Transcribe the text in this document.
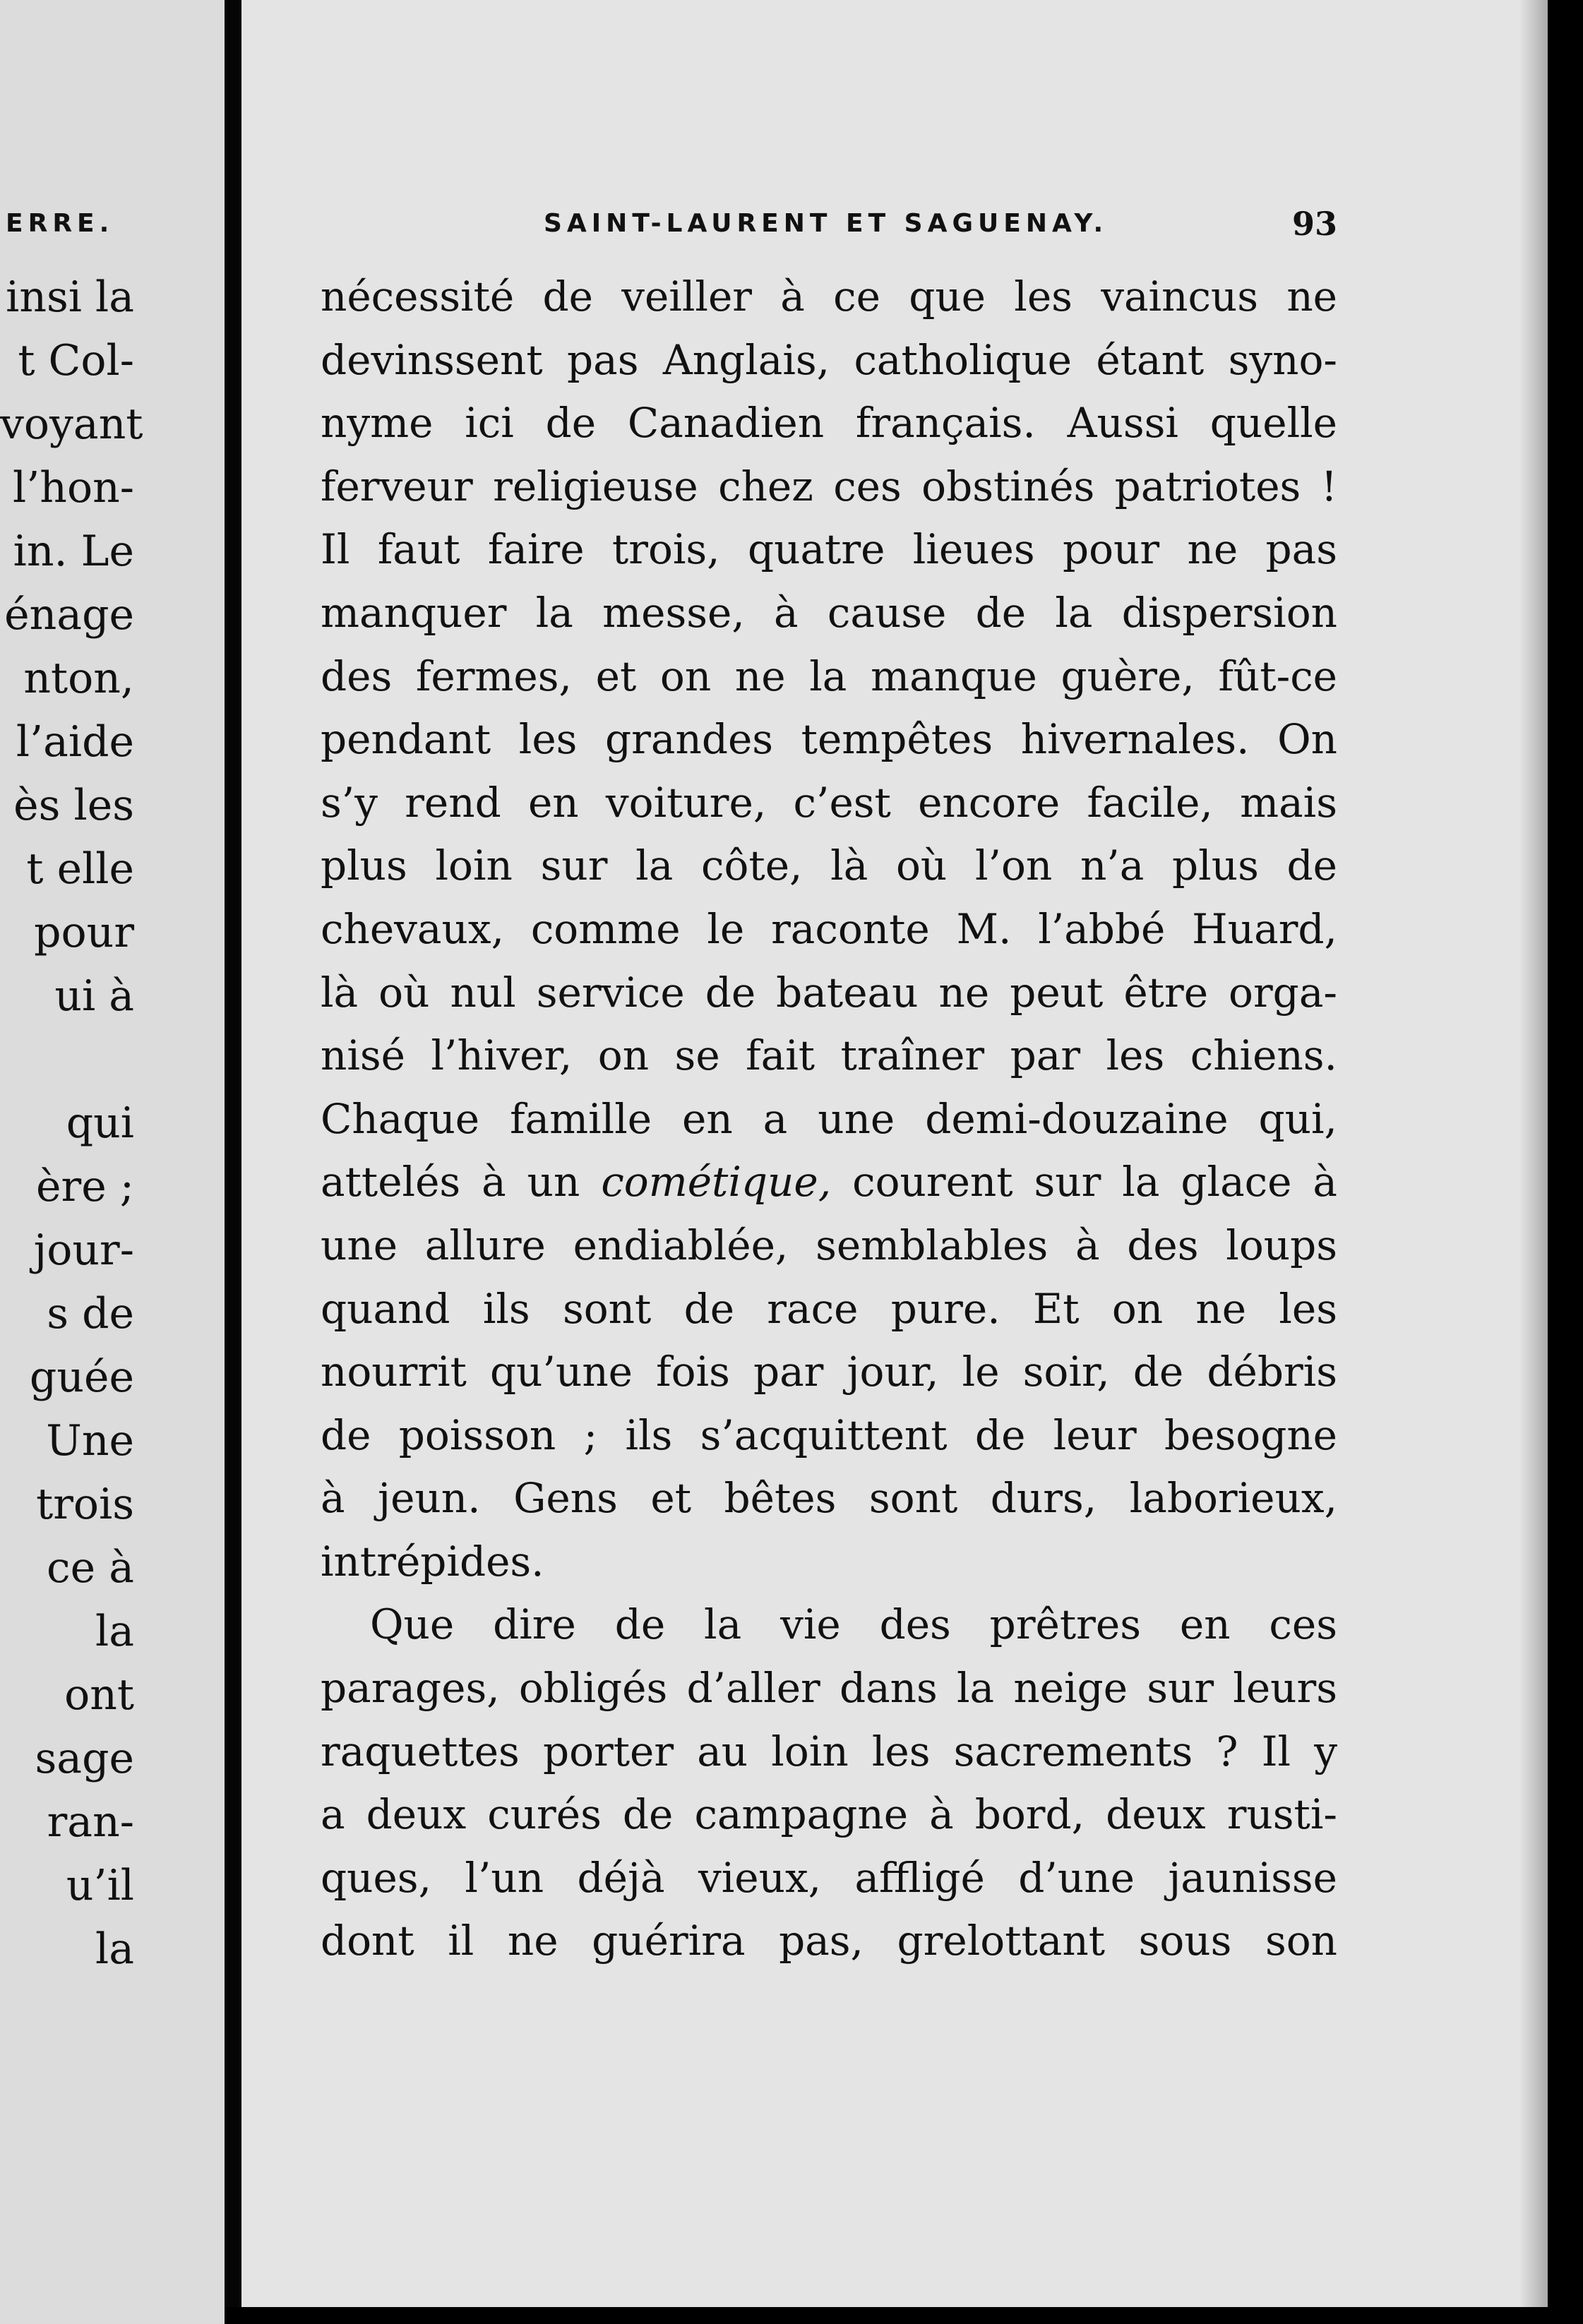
ERRE.
insi la
t Col-
voyant
l’hon-
in. Le
énage
nton,
l’aide
ès les
t elle
pour
ui à
qui
ère ;
jour-
s de
guée
Une
trois
ce à
la
ont
sage
ran-
u’il
la
SAINT-LAURENT ET SAGUENAY.	93
nécessité de veiller à ce que les vaincus ne
devinssent pas Anglais, catholique étant syno-
nyme ici de Canadien français. Aussi quelle
ferveur religieuse chez ces obstinés patriotes !
Il faut faire trois, quatre lieues pour ne pas
manquer la messe, à cause de la dispersion
des fermes, et on ne la manque guère, fût-ce
pendant les grandes tempêtes hivernales. On
s’y rend en voiture, c’est encore facile, mais
plus loin sur la côte, là où l’on n’a plus de
chevaux, comme le raconte M. l’abbé Huard,
là où nul service de bateau ne peut être orga-
nisé l’hiver, on se fait traîner par les chiens.
Chaque famille en a une demi-douzaine qui,
attelés à un cométique, courent sur la glace à
une allure endiablée, semblables à des loups
quand ils sont de race pure. Et on ne les
nourrit qu’une fois par jour, le soir, de débris
de poisson ; ils s’acquittent de leur besogne
à jeun. Gens et bêtes sont durs, laborieux,
intrépides.
Que dire de la vie des prêtres en ces
parages, obligés d’aller dans la neige sur leurs
raquettes porter au loin les sacrements ? Il y
a deux curés de campagne à bord, deux rusti-
ques, l’un déjà vieux, affligé d’une jaunisse
dont il ne guérira pas, grelottant sous son
